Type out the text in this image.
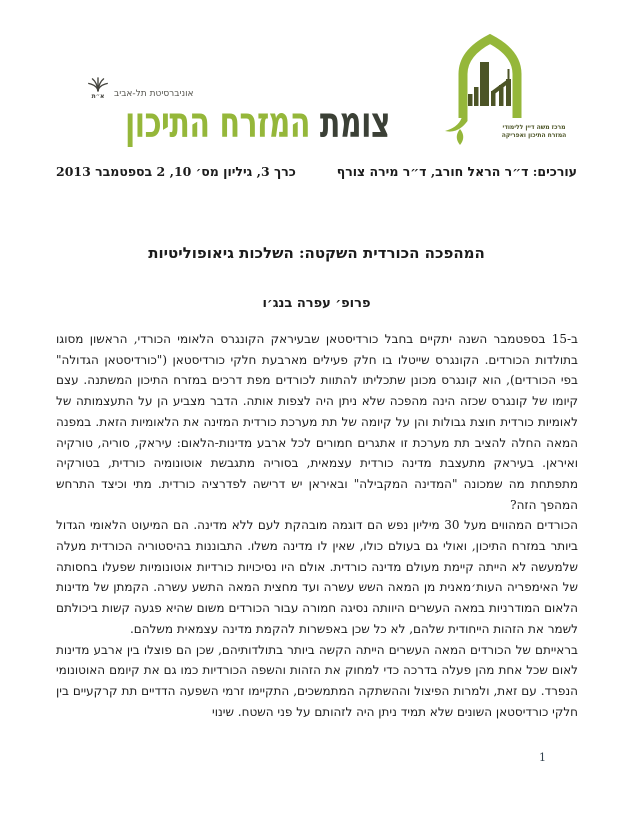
א״ת אוניברסיטת תל-אביב
צומת המזרח התיכון	מרכז משה דיין ללימודי
המזרח התיכון ואפריקה
עורכים: ד״ר הראל חורב, ד״ר מירה צורף
כרך 3, גיליון מס׳ 10,‏ 2 בספטמבר 2013
המהפכה הכורדית השקטה: השלכות גיאופוליטיות
פרופ׳ עפרה בנג׳ו

ב-15 בספטמבר השנה יתקיים בחבל כורדיסטאן שבעיראק הקונגרס הלאומי הכורדי, הראשון מסוגו בתולדות הכורדים. הקונגרס שייטלו בו חלק פעילים מארבעת חלקי כורדיסטאן ("כורדיסטאן הגדולה" בפי הכורדים), הוא קונגרס מכונן שתכליתו להתוות לכורדים מפת דרכים במזרח התיכון המשתנה. עצם קיומו של קונגרס שכזה הינה מהפכה שלא ניתן היה לצפות אותה. הדבר מצביע הן על התעצמותה של לאומיות כורדית חוצת גבולות והן על קיומה של תת מערכת כורדית המזינה את הלאומיות הזאת. במפנה המאה החלה להציב תת מערכת זו אתגרים חמורים לכל ארבע מדינות-הלאום: עיראק, סוריה, טורקיה ואיראן. בעיראק מתעצבת מדינה כורדית עצמאית, בסוריה מתגבשת אוטונומיה כורדית, בטורקיה מתפתחת מה שמכונה "המדינה המקבילה" ובאיראן יש דרישה לפדרציה כורדית. מתי וכיצד התרחש המהפך הזה?

הכורדים המהווים מעל 30 מיליון נפש הם דוגמה מובהקת לעם ללא מדינה. הם המיעוט הלאומי הגדול ביותר במזרח התיכון, ואולי גם בעולם כולו, שאין לו מדינה משלו. התבוננות בהיסטוריה הכורדית מעלה שלמעשה לא הייתה קיימת מעולם מדינה כורדית. אולם היו נסיכויות כורדיות אוטונומיות שפעלו בחסותה של האימפריה העות׳מאנית מן המאה השש עשרה ועד מחצית המאה התשע עשרה. הקמתן של מדינות הלאום המודרניות במאה העשרים היוותה נסיגה חמורה עבור הכורדים משום שהיא פגעה קשות ביכולתם לשמר את הזהות הייחודית שלהם, לא כל שכן באפשרות להקמת מדינה עצמאית משלהם.

בראייתם של הכורדים המאה העשרים הייתה הקשה ביותר בתולדותיהם, שכן הם פוצלו בין ארבע מדינות לאום שכל אחת מהן פעלה בדרכה כדי למחוק את הזהות והשפה הכורדיות כמו גם את קיומם האוטונומי הנפרד. עם זאת, ולמרות הפיצול וההשתקה המתמשכים, התקיימו זרמי השפעה הדדיים תת קרקעיים בין חלקי כורדיסטאן השונים שלא תמיד ניתן היה לזהותם על פני השטח. שינוי

1
